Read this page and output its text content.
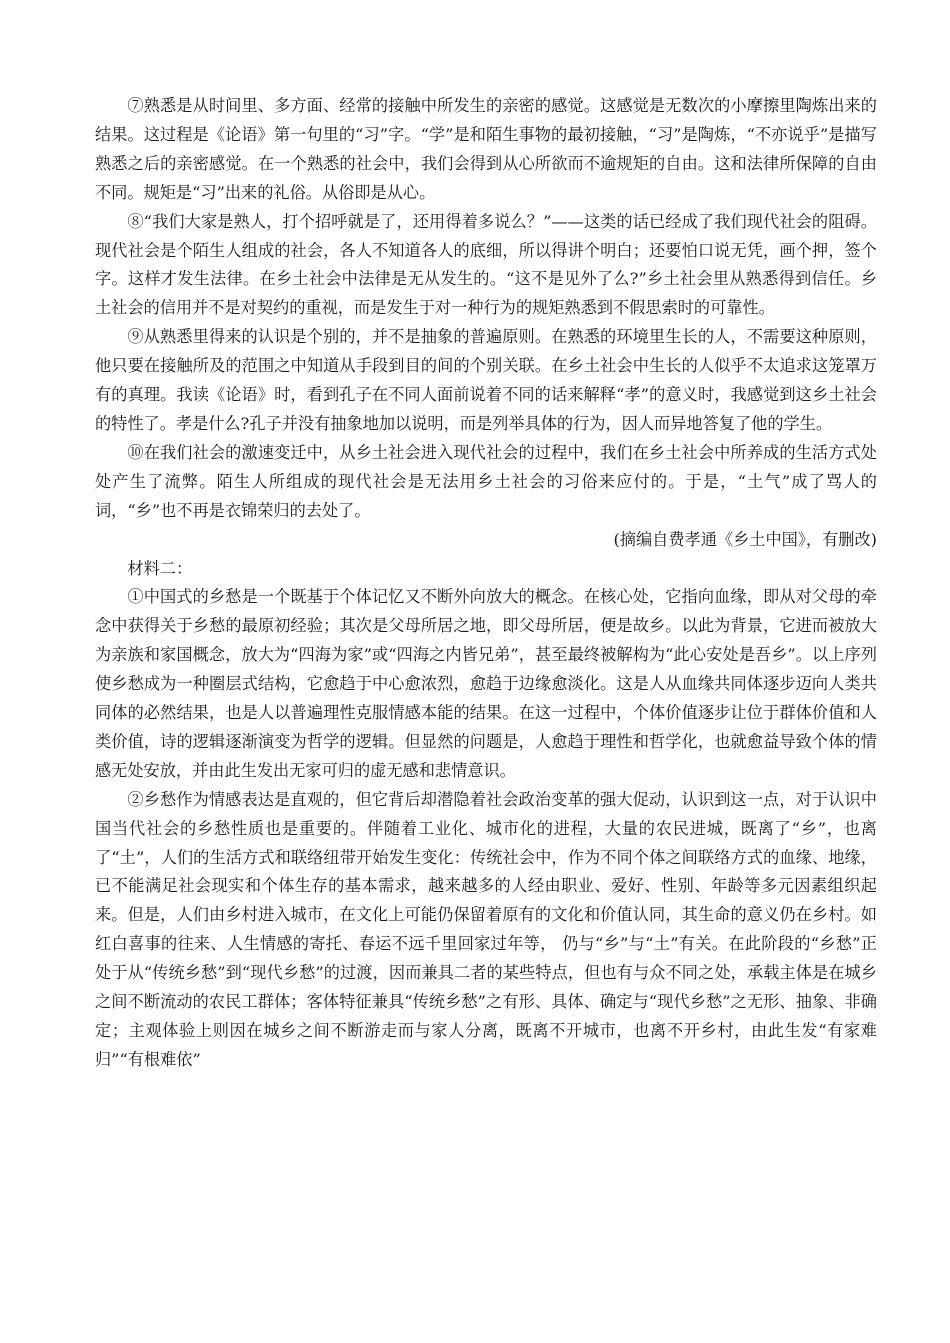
⑦熟悉是从时间里、多方面、经常的接触中所发生的亲密的感觉。这感觉是无数次的小摩擦里陶炼出来的结果。这过程是《论语》第一句里的“习”字。“学”是和陌生事物的最初接触，“习”是陶炼，“不亦说乎”是描写熟悉之后的亲密感觉。在一个熟悉的社会中，我们会得到从心所欲而不逾规矩的自由。这和法律所保障的自由不同。规矩是“习”出来的礼俗。从俗即是从心。

⑧“我们大家是熟人，打个招呼就是了，还用得着多说么？”——这类的话已经成了我们现代社会的阻碍。现代社会是个陌生人组成的社会，各人不知道各人的底细，所以得讲个明白；还要怕口说无凭，画个押，签个字。这样才发生法律。在乡土社会中法律是无从发生的。“这不是见外了么?”乡土社会里从熟悉得到信任。乡土社会的信用并不是对契约的重视，而是发生于对一种行为的规矩熟悉到不假思索时的可靠性。

⑨从熟悉里得来的认识是个别的，并不是抽象的普遍原则。在熟悉的环境里生长的人，不需要这种原则，他只要在接触所及的范围之中知道从手段到目的间的个别关联。在乡土社会中生长的人似乎不太追求这笼罩万有的真理。我读《论语》时，看到孔子在不同人面前说着不同的话来解释“孝”的意义时，我感觉到这乡土社会的特性了。孝是什么?孔子并没有抽象地加以说明，而是列举具体的行为，因人而异地答复了他的学生。

⑩在我们社会的激速变迁中，从乡土社会进入现代社会的过程中，我们在乡土社会中所养成的生活方式处处产生了流弊。陌生人所组成的现代社会是无法用乡土社会的习俗来应付的。于是，“土气”成了骂人的词，“乡”也不再是衣锦荣归的去处了。

(摘编自费孝通《乡土中国》，有删改)

材料二：

①中国式的乡愁是一个既基于个体记忆又不断外向放大的概念。在核心处，它指向血缘，即从对父母的牵念中获得关于乡愁的最原初经验；其次是父母所居之地，即父母所居，便是故乡。以此为背景，它进而被放大为亲族和家国概念，放大为“四海为家”或“四海之内皆兄弟”，甚至最终被解构为“此心安处是吾乡”。以上序列使乡愁成为一种圈层式结构，它愈趋于中心愈浓烈，愈趋于边缘愈淡化。这是人从血缘共同体逐步迈向人类共同体的必然结果，也是人以普遍理性克服情感本能的结果。在这一过程中，个体价值逐步让位于群体价值和人类价值，诗的逻辑逐渐演变为哲学的逻辑。但显然的问题是，人愈趋于理性和哲学化，也就愈益导致个体的情感无处安放，并由此生发出无家可归的虚无感和悲情意识。

②乡愁作为情感表达是直观的，但它背后却潜隐着社会政治变革的强大促动，认识到这一点，对于认识中国当代社会的乡愁性质也是重要的。伴随着工业化、城市化的进程，大量的农民进城，既离了“乡”，也离了“土”，人们的生活方式和联络纽带开始发生变化：传统社会中，作为不同个体之间联络方式的血缘、地缘，已不能满足社会现实和个体生存的基本需求，越来越多的人经由职业、爱好、性别、年龄等多元因素组织起来。但是，人们由乡村进入城市，在文化上可能仍保留着原有的文化和价值认同，其生命的意义仍在乡村。如红白喜事的往来、人生情感的寄托、春运不远千里回家过年等， 仍与“乡”与“土”有关。在此阶段的“乡愁”正处于从“传统乡愁”到“现代乡愁”的过渡，因而兼具二者的某些特点，但也有与众不同之处，承载主体是在城乡之间不断流动的农民工群体；客体特征兼具“传统乡愁”之有形、具体、确定与“现代乡愁”之无形、抽象、非确定；主观体验上则因在城乡之间不断游走而与家人分离，既离不开城市，也离不开乡村，由此生发“有家难归”“有根难依”
